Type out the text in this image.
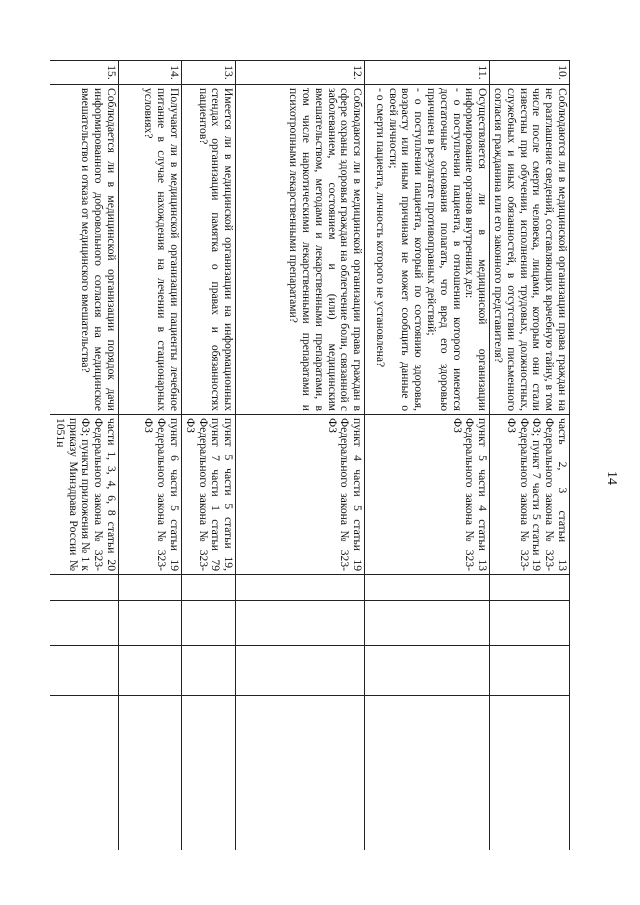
14
10.	Соблюдаются ли в медицинской организации права граждан на не разглашение сведений, составляющих врачебную тайну, в том числе после смерти человека, лицами, которым они стали известны при обучении, исполнении трудовых, должностных, служебных и иных обязанностей, в отсутствии письменного согласия гражданина или его законного представителя?	часть 2, 3 статьи 13 Федерального закона № 323-ФЗ; пункт 7 части 5 статьи 19 Федерального закона № 323-ФЗ				
11.	Осуществляется ли в медицинской организации информирование органов внутренних дел:
- о поступлении пациента, в отношении которого имеются достаточные основания полагать, что вред его здоровью причинен в результате противоправных действий;
- о поступлении пациента, который по состоянию здоровья, возрасту или иным причинам не может сообщить данные о своей личности;
- о смерти пациента, личность которого не установлена?	пункт 5 части 4 статьи 13 Федерального закона № 323-ФЗ				
12.	Соблюдаются ли в медицинской организации права граждан в сфере охраны здоровья граждан на облегчение боли, связанной с заболеванием, состоянием и (или) медицинским вмешательством, методами и лекарственными препаратами, в том числе наркотическими лекарственными препаратами и психотропными лекарственными препаратами?	пункт 4 части 5 статьи 19 Федерального закона № 323-ФЗ				
13.	Имеется ли в медицинской организации на информационных стендах организации памятка о правах и обязанностях пациентов?	пункт 5 части 5 статьи 19, пункт 7 части 1 статьи 79 Федерального закона № 323-ФЗ				
14.	Получают ли в медицинской организации пациенты лечебное питание в случае нахождения на лечении в стационарных условиях?	пункт 6 части 5 статьи 19 Федерального закона № 323-ФЗ				
15.	Соблюдается ли в медицинской организации порядок дачи информированного добровольного согласия на медицинское вмешательство и отказа от медицинского вмешательства?	части 1, 3, 4, 6, 8 статьи 20 Федерального закона № 323-ФЗ; пункты приложения № 1 к приказу Минздрава России № 1051н				
